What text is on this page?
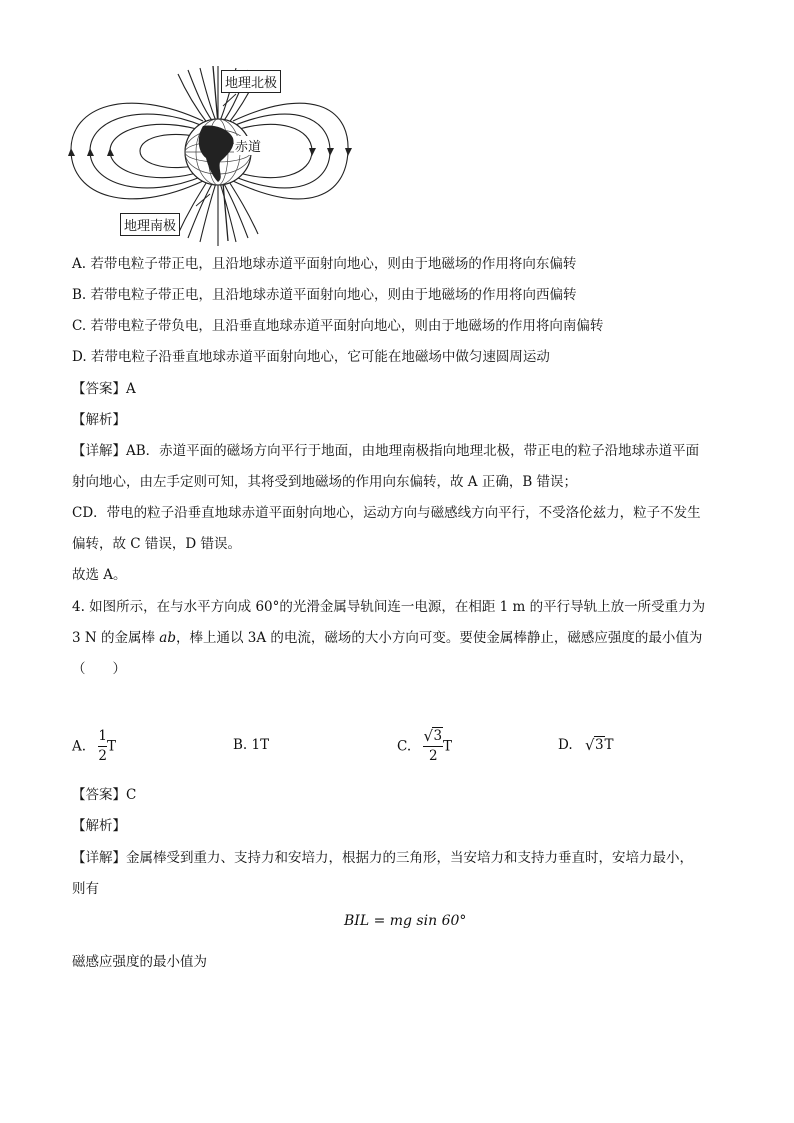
地理北极
地理南极
赤道
A. 若带电粒子带正电，且沿地球赤道平面射向地心，则由于地磁场的作用将向东偏转
B. 若带电粒子带正电，且沿地球赤道平面射向地心，则由于地磁场的作用将向西偏转
C. 若带电粒子带负电，且沿垂直地球赤道平面射向地心，则由于地磁场的作用将向南偏转
D. 若带电粒子沿垂直地球赤道平面射向地心，它可能在地磁场中做匀速圆周运动
【答案】A
【解析】
【详解】AB．赤道平面的磁场方向平行于地面，由地理南极指向地理北极，带正电的粒子沿地球赤道平面
射向地心，由左手定则可知，其将受到地磁场的作用向东偏转，故 A 正确，B 错误；
CD．带电的粒子沿垂直地球赤道平面射向地心，运动方向与磁感线方向平行，不受洛伦兹力，粒子不发生
偏转，故 C 错误，D 错误。
故选 A。
4. 如图所示，在与水平方向成 60°的光滑金属导轨间连一电源，在相距 1 m 的平行导轨上放一所受重力为
3 N 的金属棒 ab，棒上通以 3A 的电流，磁场的大小方向可变。要使金属棒静止，磁感应强度的最小值为
（　　）
A. $\frac{1}{2}$ T	B. 1T	C. $\frac{√ 3}{2}$ T	D. √ 3T
【答案】C
【解析】
【详解】金属棒受到重力、支持力和安培力，根据力的三角形，当安培力和支持力垂直时，安培力最小，
则有
BIL = mg sin 60°
磁感应强度的最小值为
